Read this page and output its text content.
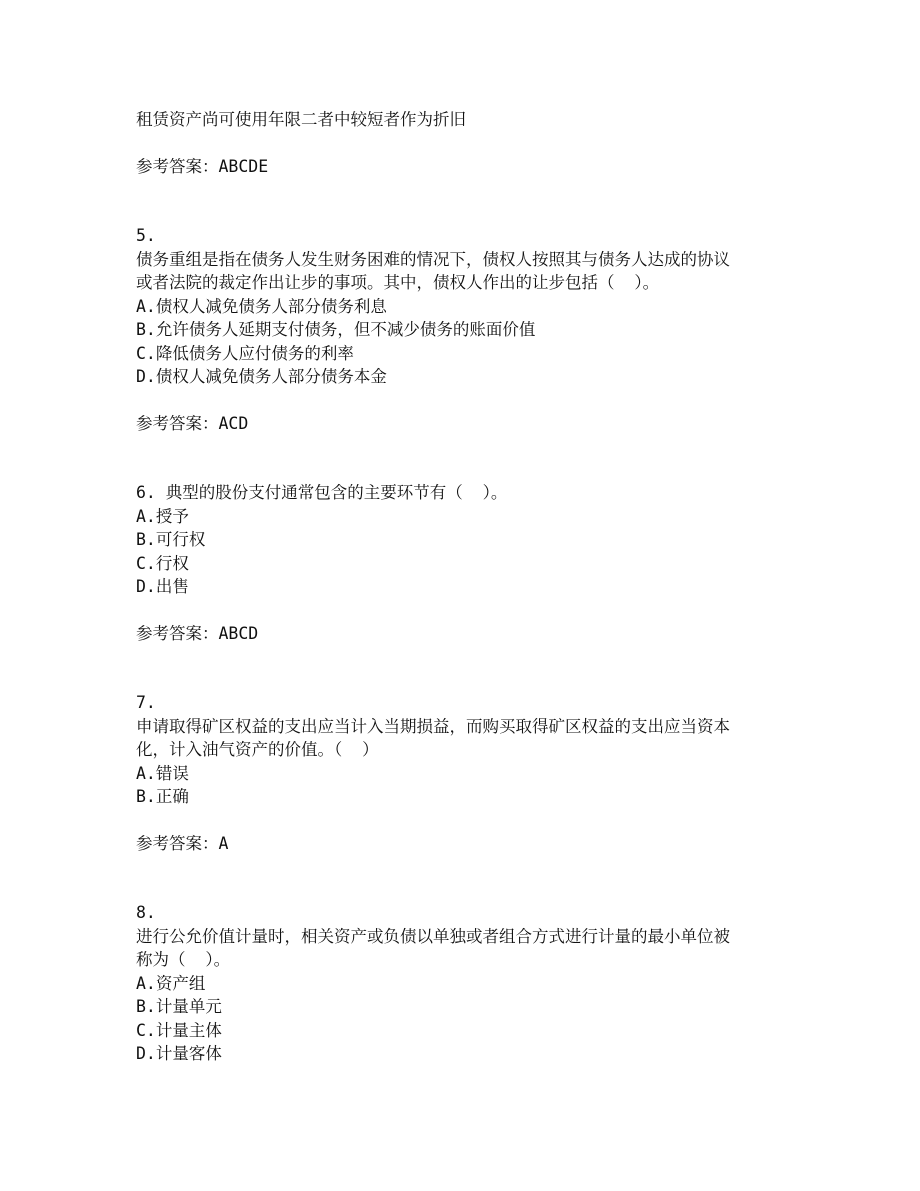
租赁资产尚可使用年限二者中较短者作为折旧
参考答案：ABCDE
5.
债务重组是指在债务人发生财务困难的情况下，债权人按照其与债务人达成的协议
或者法院的裁定作出让步的事项。其中，债权人作出的让步包括（  ）。
A.债权人减免债务人部分债务利息
B.允许债务人延期支付债务，但不减少债务的账面价值
C.降低债务人应付债务的利率
D.债权人减免债务人部分债务本金
参考答案：ACD
6. 典型的股份支付通常包含的主要环节有（  ）。
A.授予
B.可行权
C.行权
D.出售
参考答案：ABCD
7.
申请取得矿区权益的支出应当计入当期损益，而购买取得矿区权益的支出应当资本
化，计入油气资产的价值。（  ）
A.错误
B.正确
参考答案：A
8.
进行公允价值计量时，相关资产或负债以单独或者组合方式进行计量的最小单位被
称为（  ）。
A.资产组
B.计量单元
C.计量主体
D.计量客体
